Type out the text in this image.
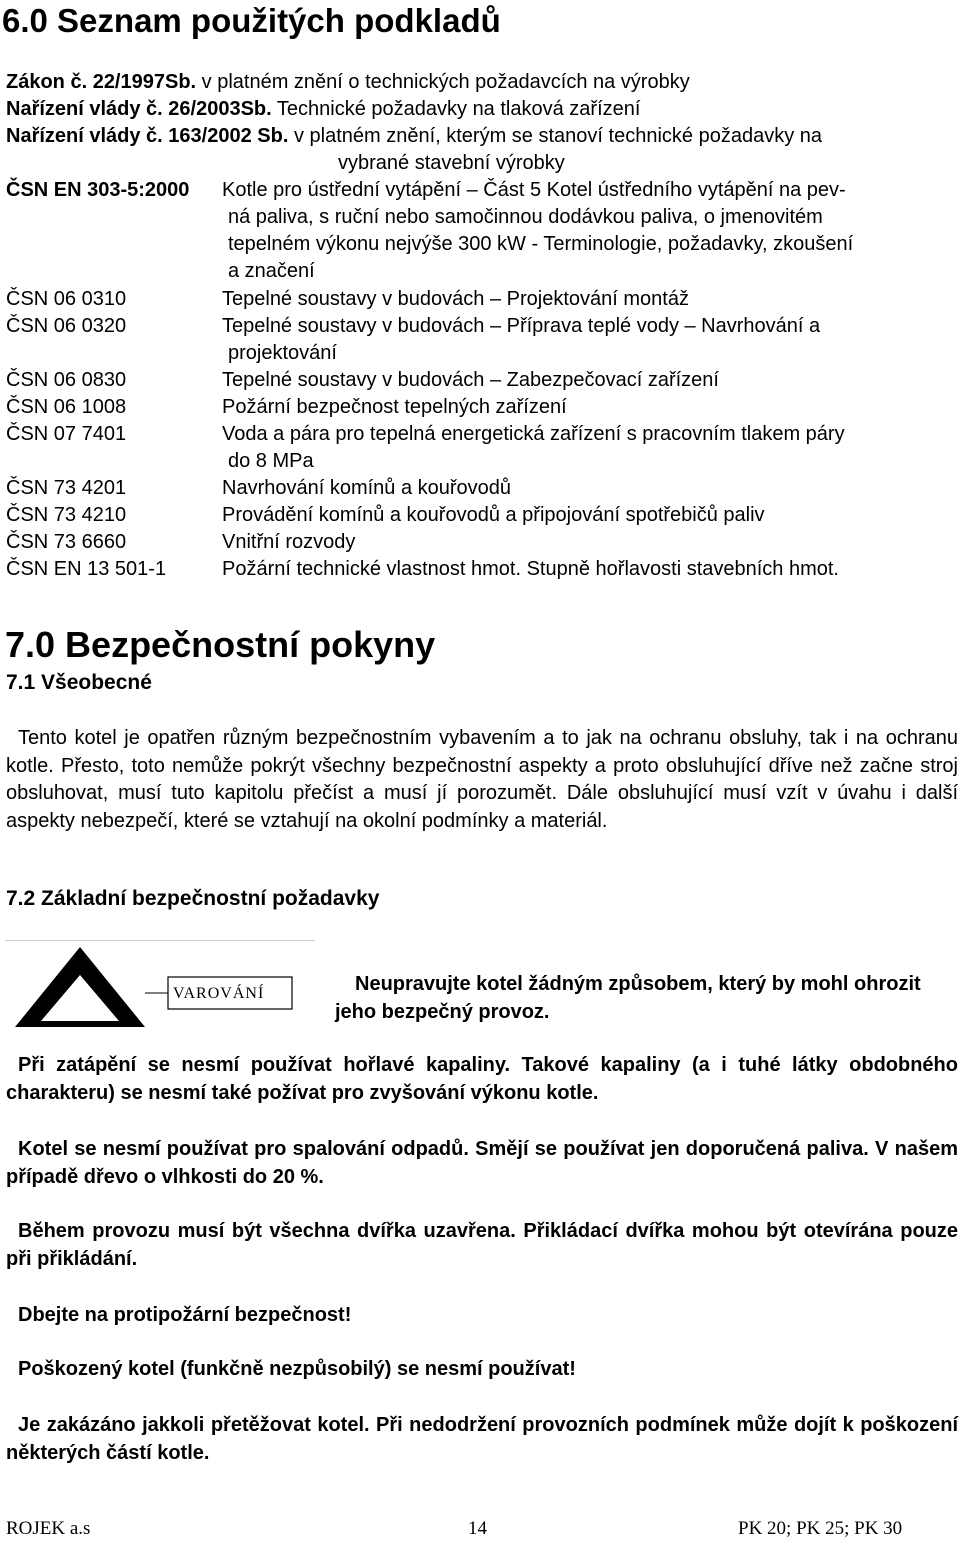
6.0 Seznam použitých podkladů
Zákon č. 22/1997Sb. v platném znění o technických požadavcích na výrobky
Nařízení vlády č. 26/2003Sb. Technické požadavky na tlaková zařízení
Nařízení vlády č. 163/2002 Sb. v platném znění, kterým se stanoví technické požadavky na
vybrané stavební výrobky
ČSN EN 303-5:2000 Kotle pro ústřední vytápění – Část 5 Kotel ústředního vytápění na pev-
ná paliva, s ruční nebo samočinnou dodávkou paliva, o jmenovitém
tepelném výkonu nejvýše 300 kW - Terminologie, požadavky, zkoušení
a značení
ČSN 06 0310	Tepelné soustavy v budovách – Projektování montáž
ČSN 06 0320	Tepelné soustavy v budovách – Příprava teplé vody – Navrhování a
projektování
ČSN 06 0830	Tepelné soustavy v budovách – Zabezpečovací zařízení
ČSN 06 1008	Požární bezpečnost tepelných zařízení
ČSN 07 7401	Voda a pára pro tepelná energetická zařízení s pracovním tlakem páry
do 8 MPa
ČSN 73 4201	Navrhování komínů a kouřovodů
ČSN 73 4210	Provádění komínů a kouřovodů a připojování spotřebičů paliv
ČSN 73 6660	Vnitřní rozvody
ČSN EN 13 501-1	Požární technické vlastnost hmot. Stupně hořlavosti stavebních hmot.
7.0 Bezpečnostní pokyny
7.1 Všeobecné
Tento kotel je opatřen různým bezpečnostním vybavením a to jak na ochranu obsluhy, tak i na ochranu kotle. Přesto, toto nemůže pokrýt všechny bezpečnostní aspekty a proto obsluhující dříve než začne stroj obsluhovat, musí tuto kapitolu přečíst a musí jí porozumět. Dále obsluhující musí vzít v úvahu i další aspekty nebezpečí, které se vztahují na okolní podmínky a materiál.
7.2 Základní bezpečnostní požadavky
VAROVÁNÍ	Neupravujte kotel žádným způsobem, který by mohl ohrozit jeho bezpečný provoz.
Při zatápění se nesmí používat hořlavé kapaliny. Takové kapaliny (a i tuhé látky obdobného charakteru) se nesmí také požívat pro zvyšování výkonu kotle.
Kotel se nesmí používat pro spalování odpadů. Smějí se používat jen doporučená paliva. V našem případě dřevo o vlhkosti do 20 %.
Během provozu musí být všechna dvířka uzavřena. Přikládací dvířka mohou být otevírána pouze při přikládání.
Dbejte na protipožární bezpečnost!
Poškozený kotel (funkčně nezpůsobilý) se nesmí používat!
Je zakázáno jakkoli přetěžovat kotel. Při nedodržení provozních podmínek může dojít k poškození některých částí kotle.
ROJEK a.s	14	PK 20; PK 25; PK 30
